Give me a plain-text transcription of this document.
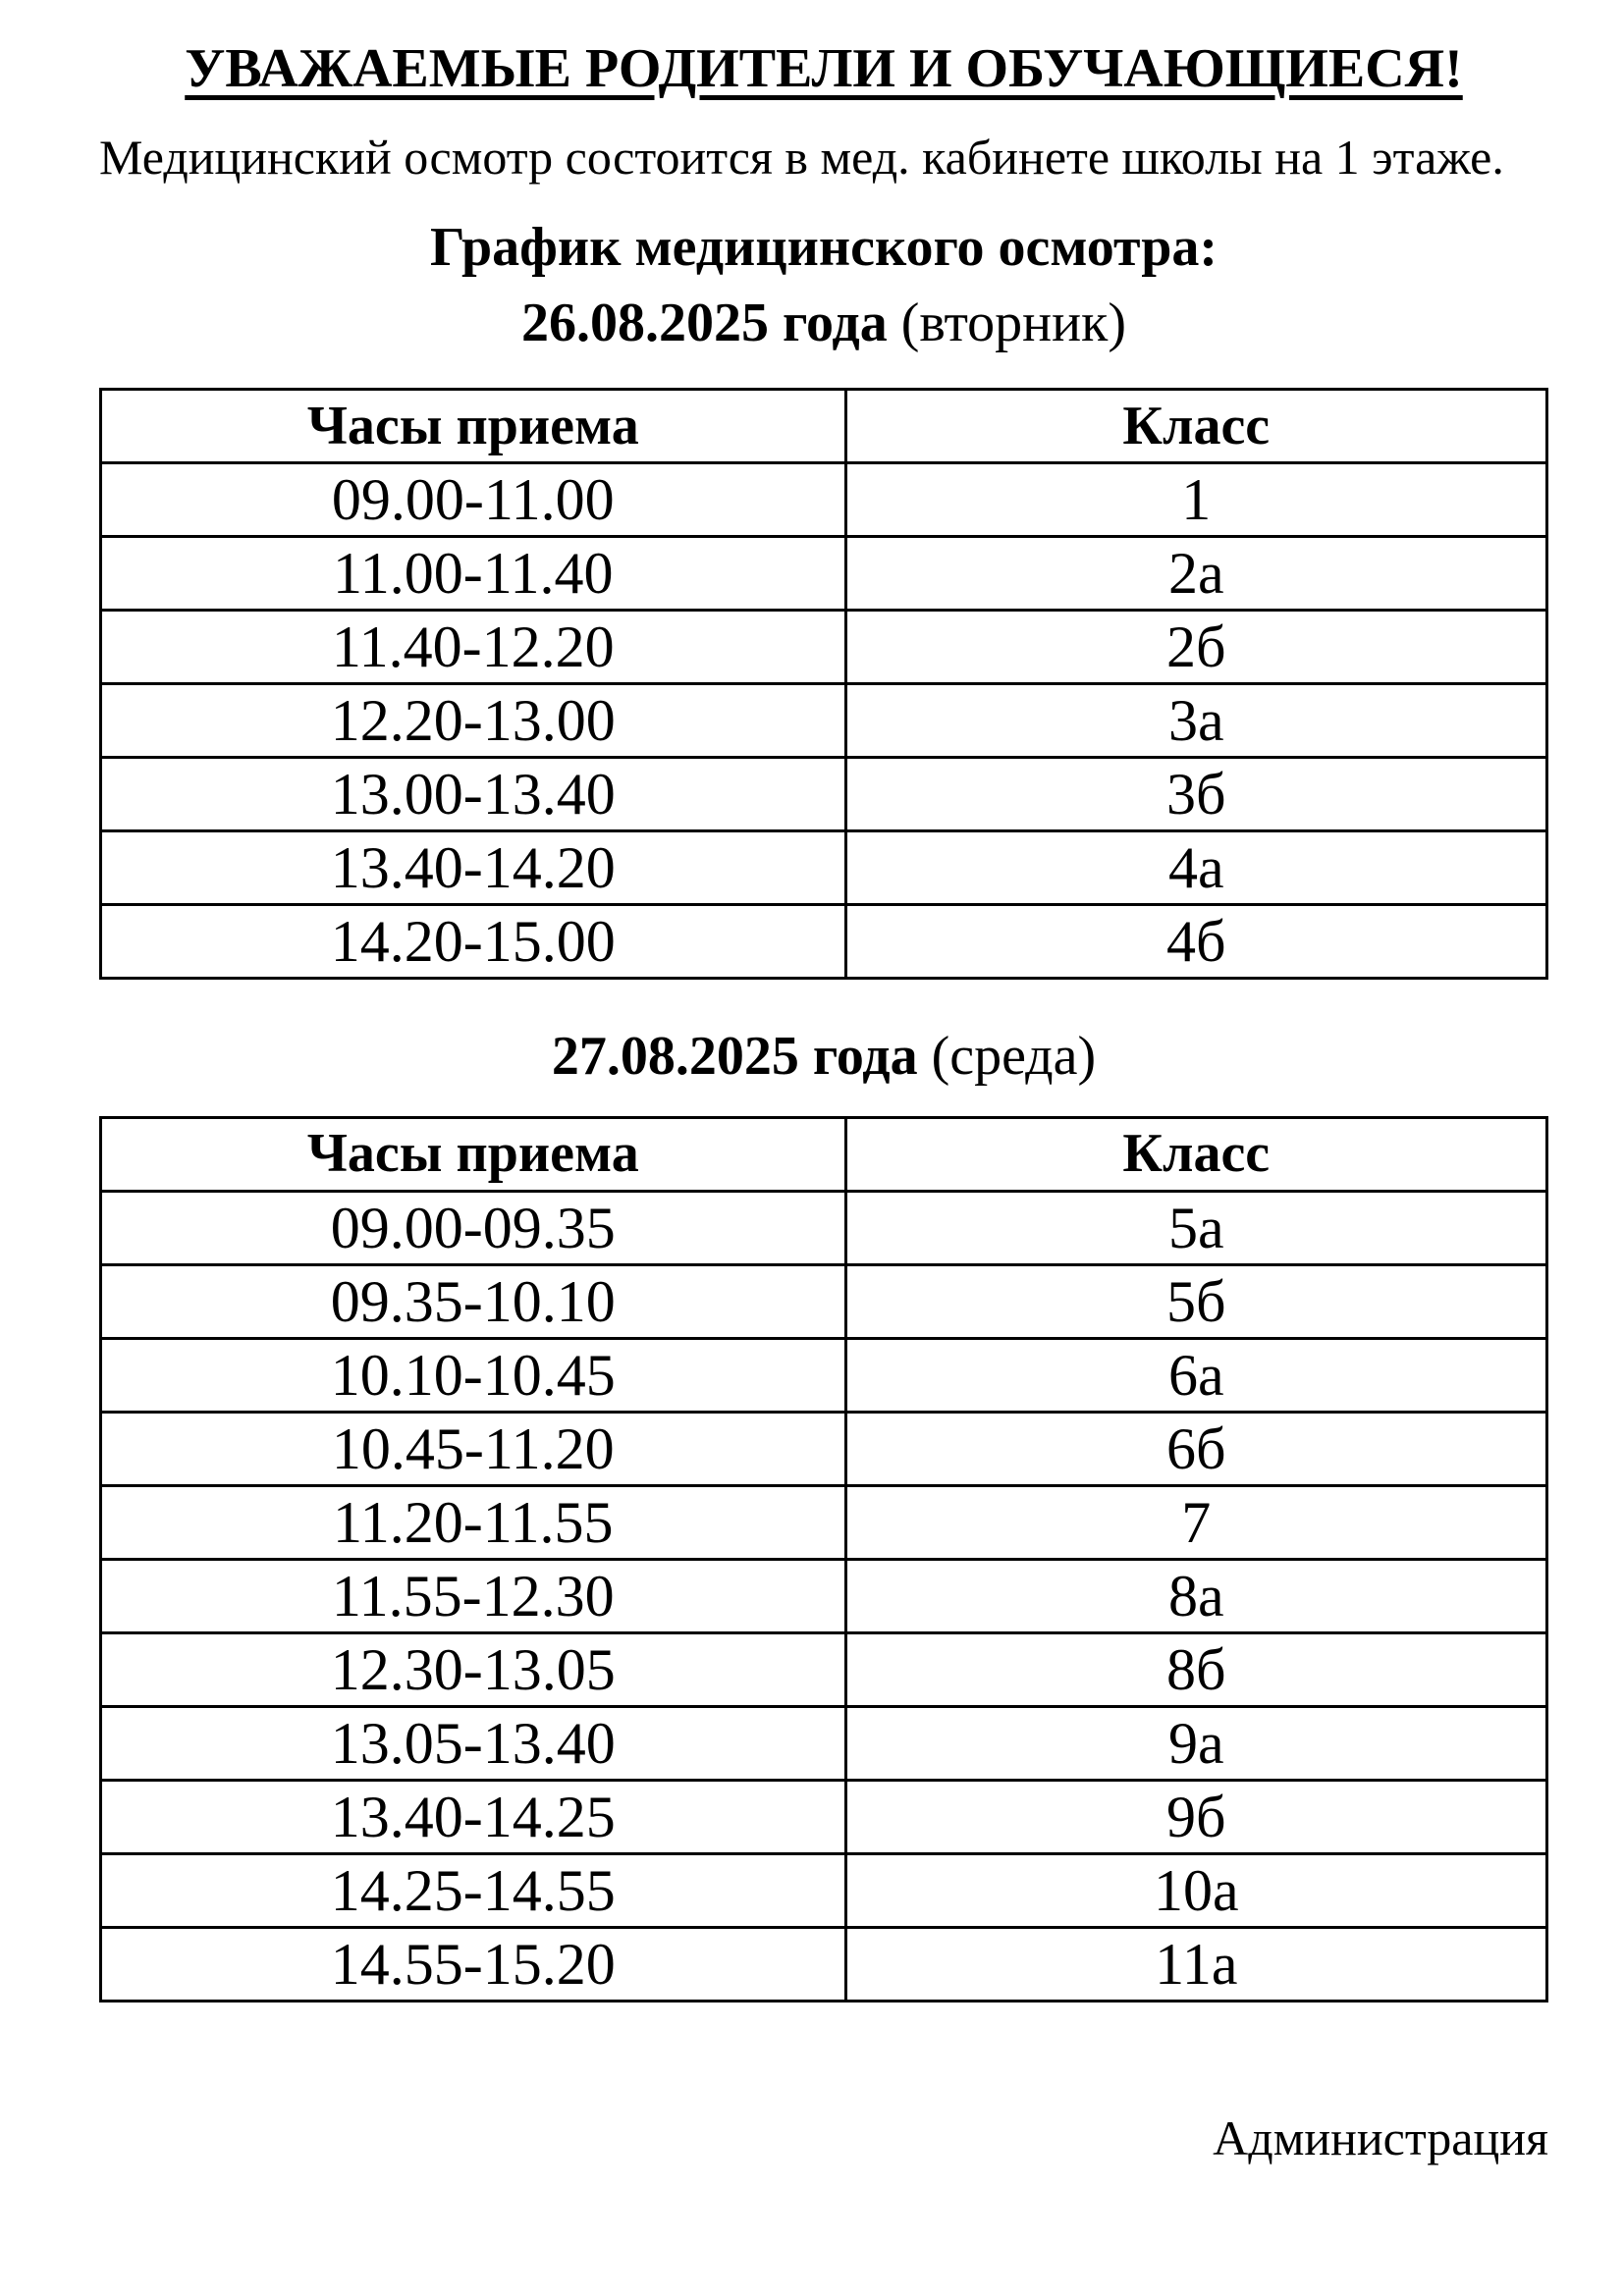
УВАЖАЕМЫЕ РОДИТЕЛИ И ОБУЧАЮЩИЕСЯ!

Медицинский осмотр состоится в мед. кабинете школы на 1 этаже.

График медицинского осмотра:
26.08.2025 года (вторник)
Часы приема	Класс
09.00-11.00	1
11.00-11.40	2а
11.40-12.20	2б
12.20-13.00	3а
13.00-13.40	3б
13.40-14.20	4а
14.20-15.00	4б
27.08.2025 года (среда)
Часы приема	Класс
09.00-09.35	5а
09.35-10.10	5б
10.10-10.45	6а
10.45-11.20	6б
11.20-11.55	7
11.55-12.30	8а
12.30-13.05	8б
13.05-13.40	9а
13.40-14.25	9б
14.25-14.55	10а
14.55-15.20	11а

Администрация
